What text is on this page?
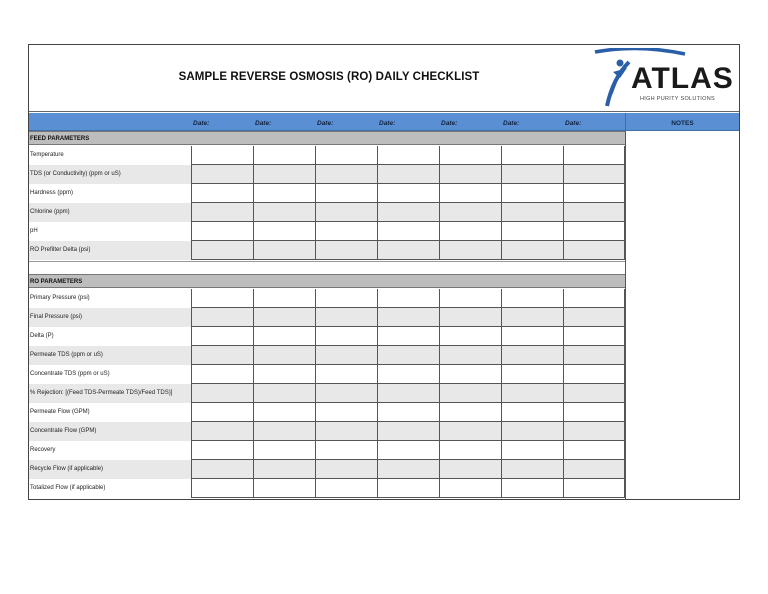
SAMPLE REVERSE OSMOSIS (RO) DAILY CHECKLIST	ATLAS
HIGH PURITY SOLUTIONS
Date:	Date:	Date:	Date:	Date:	Date:	Date:	NOTES
FEED PARAMETERS
Temperature
TDS (or Conductivity) (ppm or uS)
Hardness (ppm)
Chlorine (ppm)
pH
RO Prefilter Delta (psi)
RO PARAMETERS
Primary Pressure (psi)
Final Pressure (psi)
Delta (P)
Permeate TDS (ppm or uS)
Concentrate TDS (ppm or uS)
% Rejection: [(Feed TDS-Permeate TDS)/Feed TDS)]
Permeate Flow (GPM)
Concentrate Flow (GPM)
Recovery
Recycle Flow (if applicable)
Totalized Flow (if applicable)
